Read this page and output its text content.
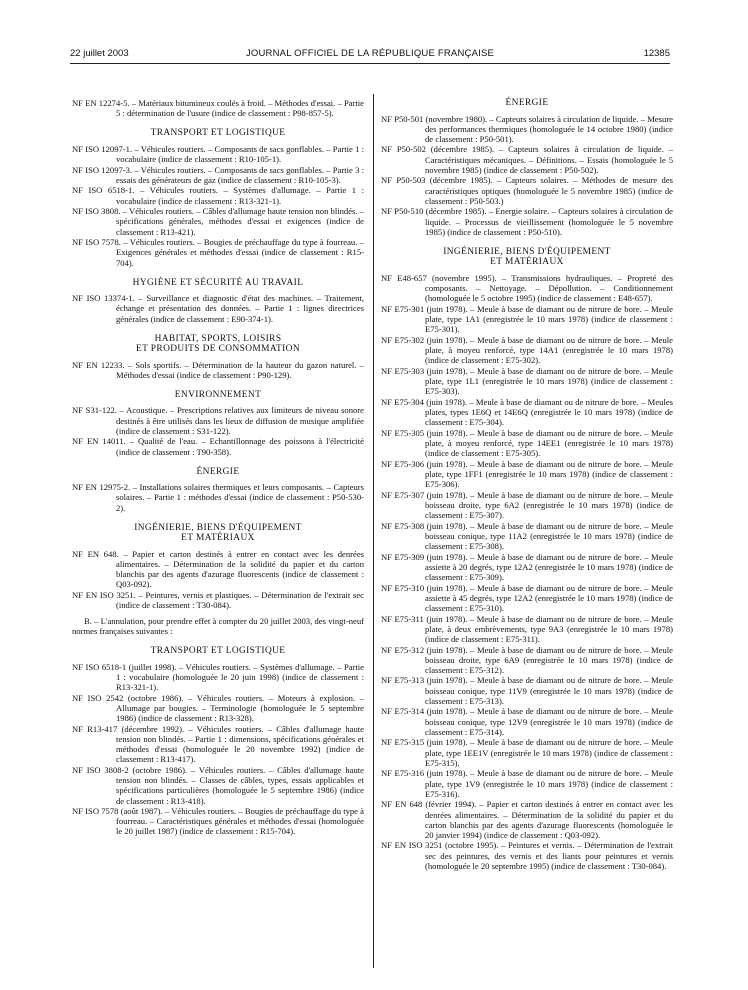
22 juillet 2003	JOURNAL OFFICIEL DE LA RÉPUBLIQUE FRANÇAISE	12385
NF EN 12274-5. – Matériaux bitumineux coulés à froid. – Méthodes d'essai. – Partie 5 : détermination de l'usure (indice de classement : P98-857-5).
TRANSPORT ET LOGISTIQUE
NF ISO 12097-1. – Véhicules routiers. – Composants de sacs gonflables. – Partie 1 : vocabulaire (indice de classement : R10-105-1).
NF ISO 12097-3. – Véhicules routiers. – Composants de sacs gonflables. – Partie 3 : essais des générateurs de gaz (indice de classement : R10-105-3).
NF ISO 6518-1. – Véhicules routiers. – Systèmes d'allumage. – Partie 1 : vocabulaire (indice de classement : R13-321-1).
NF ISO 3808. – Véhicules routiers. – Câbles d'allumage haute tension non blindés. – spécifications générales, méthodes d'essai et exigences (indice de classement : R13-421).
NF ISO 7578. – Véhicules routiers. – Bougies de préchauffage du type à fourreau. – Exigences générales et méthodes d'essai (indice de classement : R15-704).
HYGIÈNE ET SÉCURITÉ AU TRAVAIL
NF ISO 13374-1. – Surveillance et diagnostic d'état des machines. – Traitement, échange et présentation des données. – Partie 1 : lignes directrices générales (indice de classement : E90-374-1).
HABITAT, SPORTS, LOISIRS
ET PRODUITS DE CONSOMMATION
NF EN 12233. – Sols sportifs. – Détermination de la hauteur du gazon naturel. – Méthodes d'essai (indice de classement : P90-129).
ENVIRONNEMENT
NF S31-122. – Acoustique. – Prescriptions relatives aux limiteurs de niveau sonore destinés à être utilisés dans les lieux de diffusion de musique amplifiée (indice de classement : S31-122).
NF EN 14011. – Qualité de l'eau. – Echantillonnage des poissons à l'électricité (indice de classement : T90-358).
ÉNERGIE
NF EN 12975-2. – Installations solaires thermiques et leurs composants. – Capteurs solaires. – Partie 1 : méthodes d'essai (indice de classement : P50-530-2).
INGÉNIERIE, BIENS D'ÉQUIPEMENT
ET MATÉRIAUX
NF EN 648. – Papier et carton destinés à entrer en contact avec les denrées alimentaires. – Détermination de la solidité du papier et du carton blanchis par des agents d'azurage fluorescents (indice de classement : Q03-092).
NF EN ISO 3251. – Peintures, vernis et plastiques. – Détermination de l'extrait sec (indice de classement : T30-084).
B. – L'annulation, pour prendre effet à compter du 20 juillet 2003, des vingt-neuf normes françaises suivantes :
TRANSPORT ET LOGISTIQUE
NF ISO 6518-1 (juillet 1998). – Véhicules routiers. – Systèmes d'allumage. – Partie 1 : vocabulaire (homologuée le 20 juin 1998) (indice de classement : R13-321-1).
NF ISO 2542 (octobre 1986). – Véhicules routiers. – Moteurs à explosion. – Allumage par bougies. – Terminologie (homologuée le 5 septembre 1986) (indice de classement : R13-328).
NF R13-417 (décembre 1992). – Véhicules routiers. – Câbles d'allumage haute tension non blindés. – Partie 1 : dimensions, spécifications générales et méthodes d'essai (homologuée le 20 novembre 1992) (indice de classement : R13-417).
NF ISO 3808-2 (octobre 1986). – Véhicules routiers. – Câbles d'allumage haute tension non blindés. – Classes de câbles, types, essais applicables et spécifications particulières (homologuée le 5 septembre 1986) (indice de classement : R13-418).
NF ISO 7578 (août 1987). – Véhicules routiers. – Bougies de préchauffage du type à fourreau. – Caractéristiques générales et méthodes d'essai (homologuée le 20 juillet 1987) (indice de classement : R15-704).
ÉNERGIE
NF P50-501 (novembre 1980). – Capteurs solaires à circulation de liquide. – Mesure des performances thermiques (homologuée le 14 octobre 1980) (indice de classement : P50-501).
NF P50-502 (décembre 1985). – Capteurs solaires à circulation de liquide. – Caractéristiques mécaniques. – Définitions. – Essais (homologuée le 5 novembre 1985) (indice de classement : P50-502).
NF P50-503 (décembre 1985). – Capteurs solaires. – Méthodes de mesure des caractéristiques optiques (homologuée le 5 novembre 1985) (indice de classement : P50-503.)
NF P50-510 (décembre 1985). – Energie solaire. – Capteurs solaires à circulation de liquide. – Processus de vieillissement (homologuée le 5 novembre 1985) (indice de classement : P50-510).
INGÉNIERIE, BIENS D'ÉQUIPEMENT
ET MATÉRIAUX
NF E48-657 (novembre 1995). – Transmissions hydrauliques. – Propreté des composants. – Nettoyage. – Dépollution. – Conditionnement (homologuée le 5 octobre 1995) (indice de classement : E48-657).
NF E75-301 (juin 1978). – Meule à base de diamant ou de nitrure de bore. – Meule plate, type 1A1 (enregistrée le 10 mars 1978) (indice de classement : E75-301).
NF E75-302 (juin 1978). – Meule à base de diamant ou de nitrure de bore. – Meule plate, à moyeu renforcé, type 14A1 (enregistrée le 10 mars 1978) (indice de classement : E75-302).
NF E75-303 (juin 1978). – Meule à base de diamant ou de nitrure de bore. – Meule plate, type 1L1 (enregistrée le 10 mars 1978) (indice de classement : E75-303).
NF E75-304 (juin 1978). – Meule à base de diamant ou de nitrure de bore. – Meules plates, types 1E6Q et 14E6Q (enregistrée le 10 mars 1978) (indice de classement : E75-304).
NF E75-305 (juin 1978). – Meule à base de diamant ou de nitrure de bore. – Meule plate, à moyeu renforcé, type 14EE1 (enregistrée le 10 mars 1978) (indice de classement : E75-305).
NF E75-306 (juin 1978). – Meule à base de diamant ou de nitrure de bore. – Meule plate, type 1FF1 (enregistrée le 10 mars 1978) (indice de classement : E75-306).
NF E75-307 (juin 1978). – Meule à base de diamant ou de nitrure de bore. – Meule boisseau droite, type 6A2 (enregistrée le 10 mars 1978) (indice de classement : E75-307).
NF E75-308 (juin 1978). – Meule à base de diamant ou de nitrure de bore. – Meule boisseau conique, type 11A2 (enregistrée le 10 mars 1978) (indice de classement : E75-308).
NF E75-309 (juin 1978). – Meule à base de diamant ou de nitrure de bore. – Meule assiette à 20 degrés, type 12A2 (enregistrée le 10 mars 1978) (indice de classement : E75-309).
NF E75-310 (juin 1978). – Meule à base de diamant ou de nitrure de bore. – Meule assiette à 45 degrés, type 12A2 (enregistrée le 10 mars 1978) (indice de classement : E75-310).
NF E75-311 (juin 1978). – Meule à base de diamant ou de nitrure de bore. – Meule plate, à deux embrèvements, type 9A3 (enregistrée le 10 mars 1978) (indice de classement : E75-311).
NF E75-312 (juin 1978). – Meule à base de diamant ou de nitrure de bore. – Meule boisseau droite, type 6A9 (enregistrée le 10 mars 1978) (indice de classement : E75-312).
NF E75-313 (juin 1978). – Meule à base de diamant ou de nitrure de bore. – Meule boisseau conique, type 11V9 (enregistrée le 10 mars 1978) (indice de classement : E75-313).
NF E75-314 (juin 1978). – Meule à base de diamant ou de nitrure de bore. – Meule boisseau conique, type 12V9 (enregistrée le 10 mars 1978) (indice de classement : E75-314).
NF E75-315 (juin 1978). – Meule à base de diamant ou de nitrure de bore. – Meule plate, type 1EE1V (enregistrée le 10 mars 1978) (indice de classement : E75-315).
NF E75-316 (juin 1978). – Meule à base de diamant ou de nitrure de bore. – Meule plate, type 1V9 (enregistrée le 10 mars 1978) (indice de classement : E75-316).
NF EN 648 (février 1994). – Papier et carton destinés à entrer en contact avec les denrées alimentaires. – Détermination de la solidité du papier et du carton blanchis par des agents d'azurage fluorescents (homologuée le 20 janvier 1994) (indice de classement : Q03-092).
NF EN ISO 3251 (octobre 1995). – Peintures et vernis. – Détermination de l'extrait sec des peintures, des vernis et des liants pour peintures et vernis (homologuée le 20 septembre 1995) (indice de classement : T30-084).
